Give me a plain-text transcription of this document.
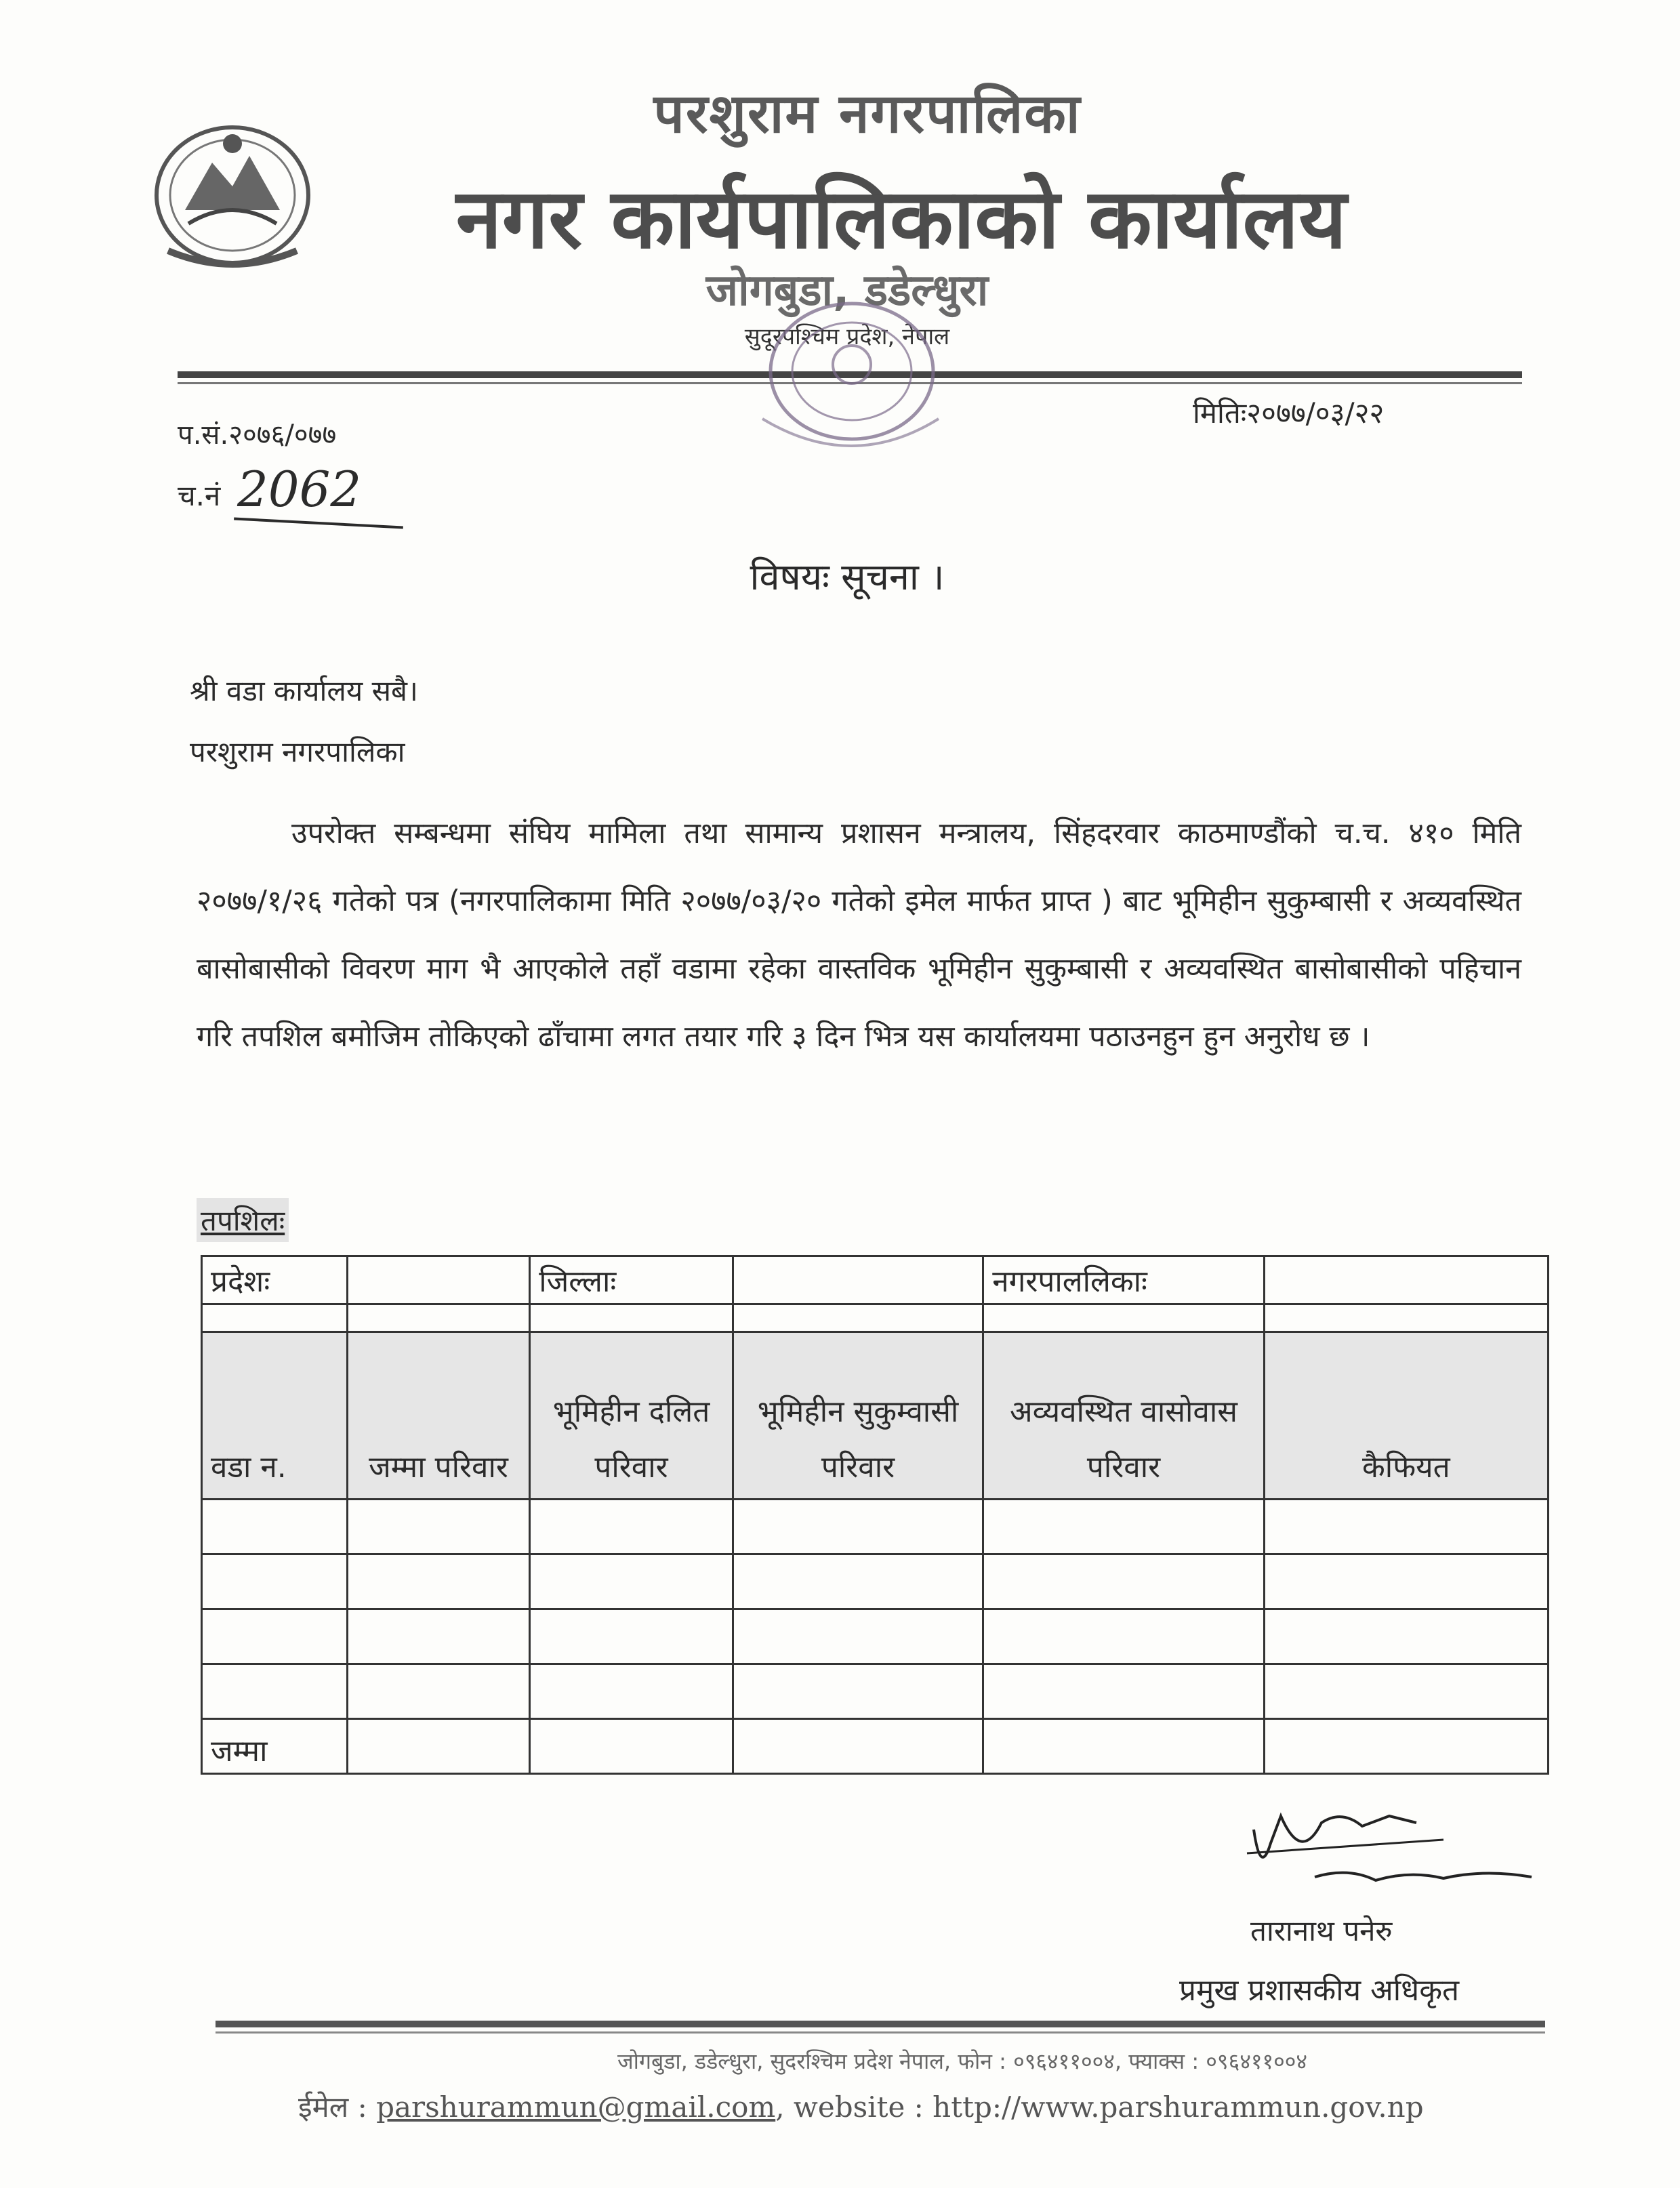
परशुराम नगरपालिका
नगर कार्यपालिकाको कार्यालय
जोगबुडा, डडेल्धुरा
सुदूरपश्चिम प्रदेश, नेपाल
प.सं.२०७६/०७७
मितिः२०७७/०३/२२
च.नं 2062
विषयः सूचना ।
श्री वडा कार्यालय सबै।
परशुराम नगरपालिका
उपरोक्त सम्बन्धमा संघिय मामिला तथा सामान्य प्रशासन मन्त्रालय, सिंहदरवार काठमाण्डौंको च.च. ४१० मिति २०७७/१/२६ गतेको पत्र (नगरपालिकामा मिति २०७७/०३/२० गतेको इमेल मार्फत प्राप्त ) बाट भूमिहीन सुकुम्बासी र अव्यवस्थित बासोबासीको विवरण माग भै आएकोले तहाँ वडामा रहेका वास्तविक भूमिहीन सुकुम्बासी र अव्यवस्थित बासोबासीको पहिचान गरि तपशिल बमोजिम तोकिएको ढाँचामा लगत तयार गरि ३ दिन भित्र यस कार्यालयमा पठाउनहुन हुन अनुरोध छ ।
तपशिलः
प्रदेशः		जिल्लाः		नगरपाललिकाः	

वडा न.	जम्मा परिवार	भूमिहीन दलित परिवार	भूमिहीन सुकुम्वासी परिवार	अव्यवस्थित वासोवास परिवार	कैफियत

जम्मा					
तारानाथ पनेरु
प्रमुख प्रशासकीय अधिकृत
जोगबुडा, डडेल्धुरा, सुदरश्चिम प्रदेश नेपाल, फोन : ०९६४११००४, फ्याक्स : ०९६४११००४
ईमेल : parshurammun@gmail.com, website : http://www.parshurammun.gov.np
